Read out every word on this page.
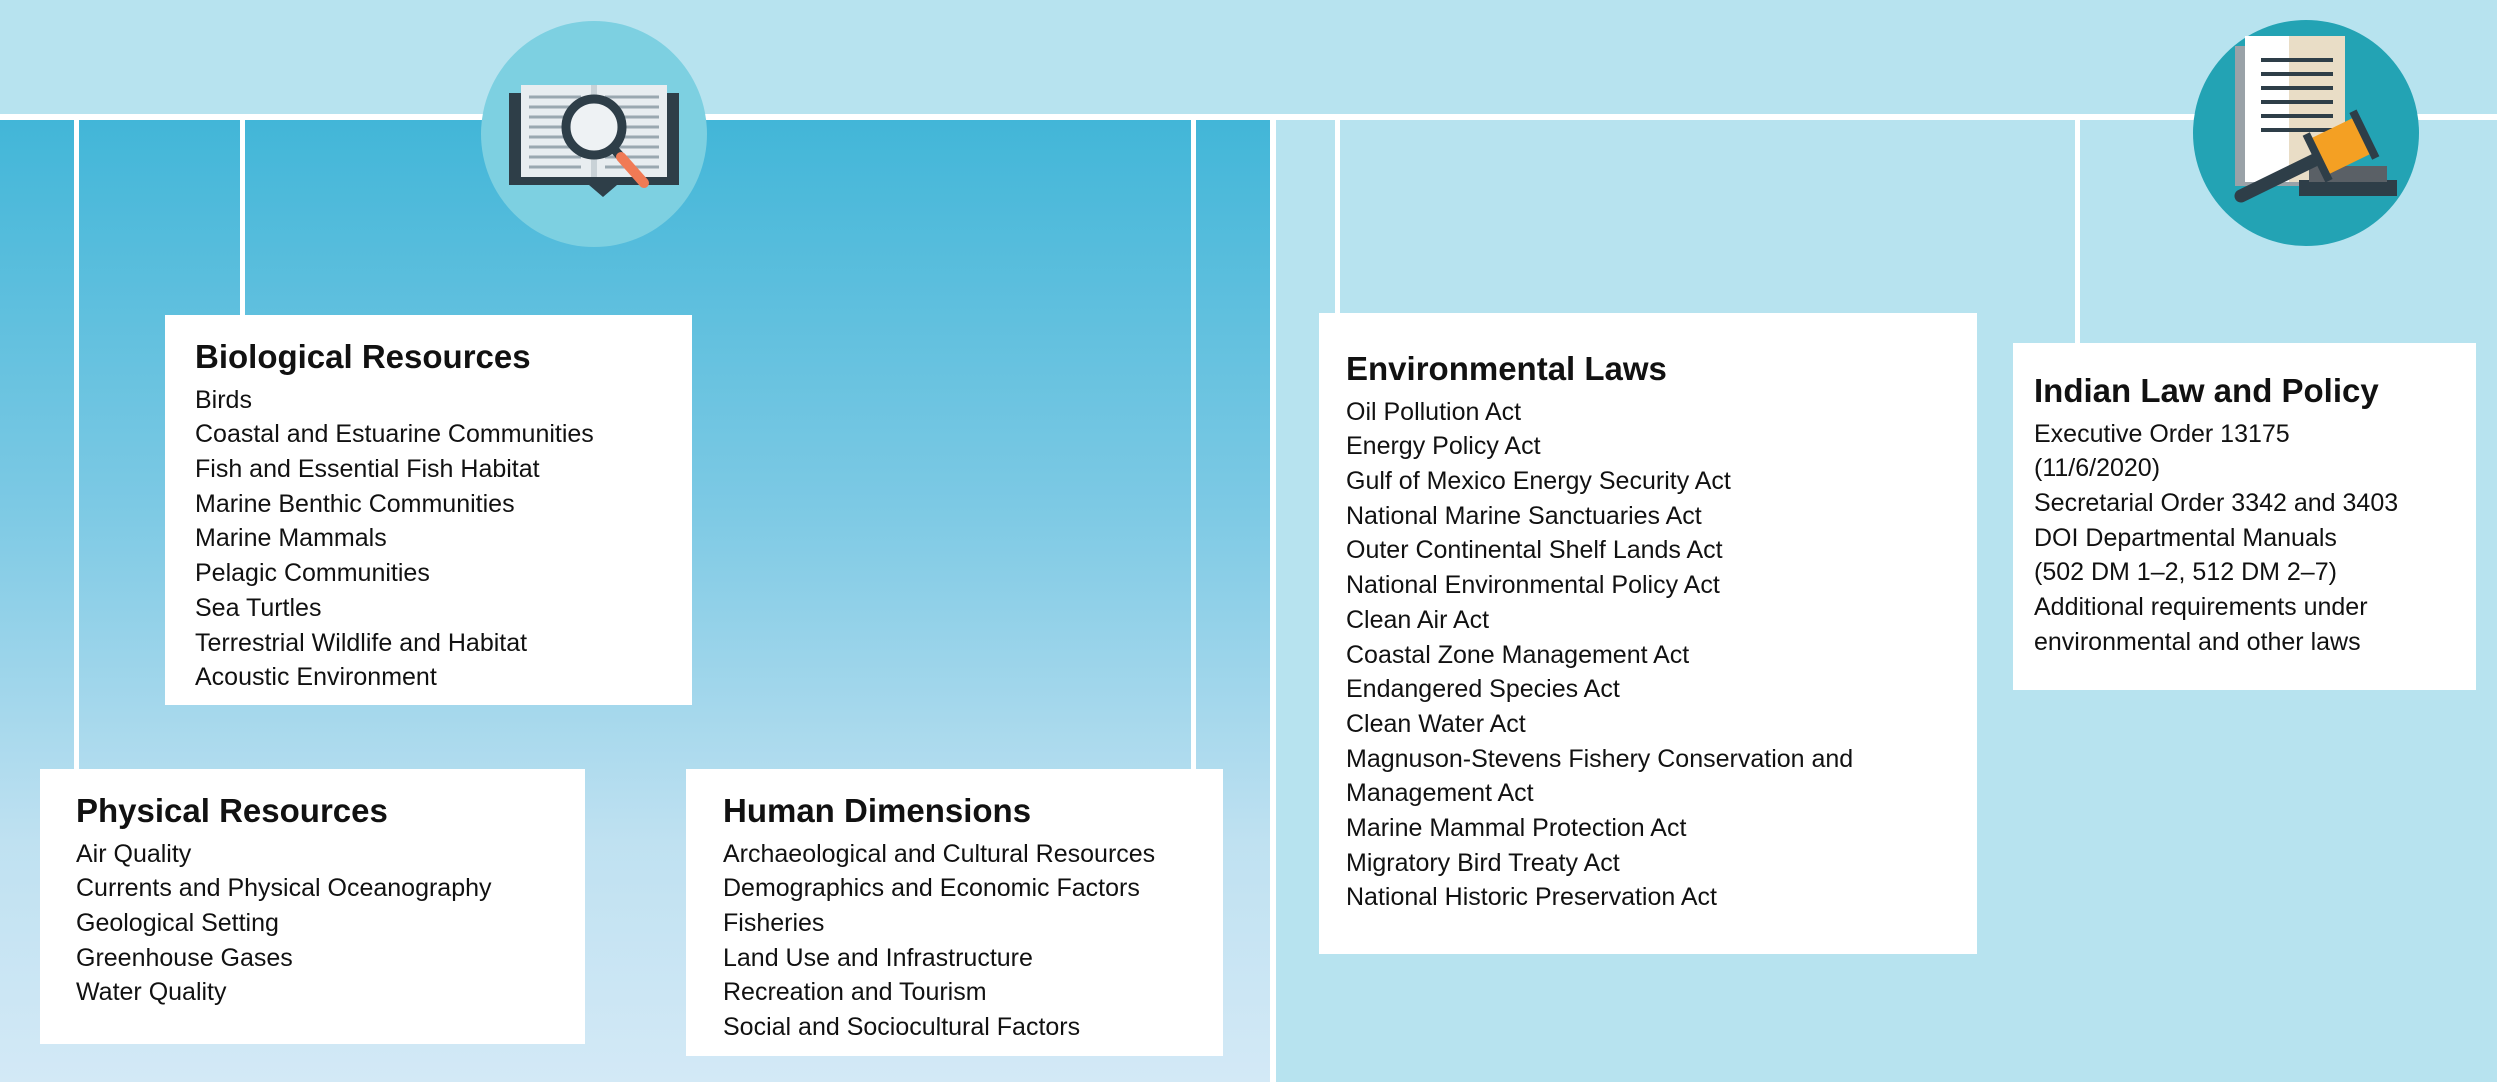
Biological Resources
Birds
Coastal and Estuarine Communities
Fish and Essential Fish Habitat
Marine Benthic Communities
Marine Mammals
Pelagic Communities
Sea Turtles
Terrestrial Wildlife and Habitat
Acoustic Environment
Physical Resources
Air Quality
Currents and Physical Oceanography
Geological Setting
Greenhouse Gases
Water Quality
Human Dimensions
Archaeological and Cultural Resources
Demographics and Economic Factors
Fisheries
Land Use and Infrastructure
Recreation and Tourism
Social and Sociocultural Factors
Environmental Laws
Oil Pollution Act
Energy Policy Act
Gulf of Mexico Energy Security Act
National Marine Sanctuaries Act
Outer Continental Shelf Lands Act
National Environmental Policy Act
Clean Air Act
Coastal Zone Management Act
Endangered Species Act
Clean Water Act
Magnuson-Stevens Fishery Conservation and
Management Act
Marine Mammal Protection Act
Migratory Bird Treaty Act
National Historic Preservation Act
Indian Law and Policy
Executive Order 13175
(11/6/2020)
Secretarial Order 3342 and 3403
DOI Departmental Manuals
(502 DM 1–2, 512 DM 2–7)
Additional requirements under
environmental and other laws
